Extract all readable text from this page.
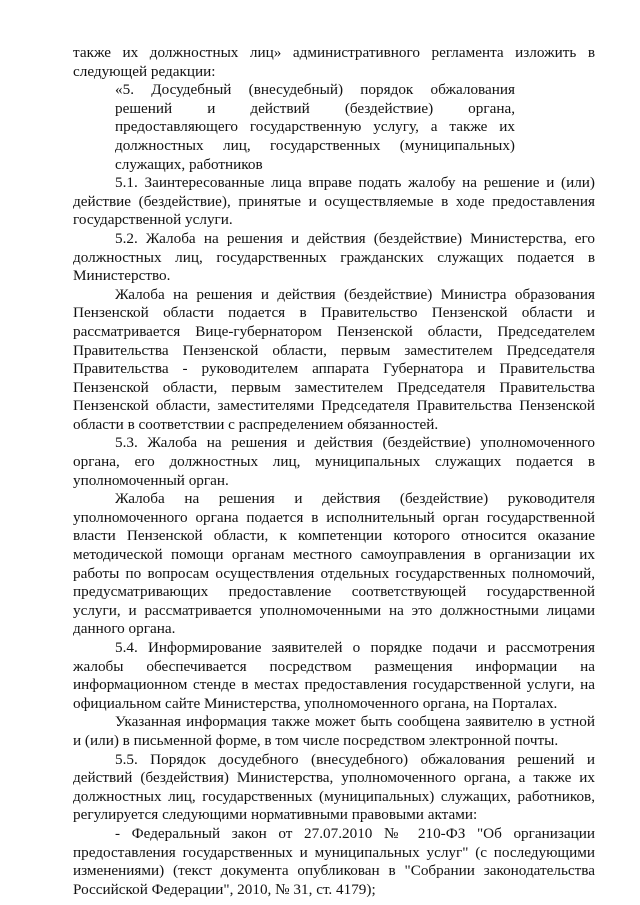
также их должностных лиц» административного регламента изложить в следующей редакции:

«5. Досудебный (внесудебный) порядок обжалования решений и действий (бездействие) органа, предоставляющего государственную услугу, а также их должностных лиц, государственных (муниципальных) служащих, работников

5.1. Заинтересованные лица вправе подать жалобу на решение и (или) действие (бездействие), принятые и осуществляемые в ходе предоставления государственной услуги.

5.2. Жалоба на решения и действия (бездействие) Министерства, его должностных лиц, государственных гражданских служащих подается в Министерство.

Жалоба на решения и действия (бездействие) Министра образования Пензенской области подается в Правительство Пензенской области и рассматривается Вице-губернатором Пензенской области, Председателем Правительства Пензенской области, первым заместителем Председателя Правительства - руководителем аппарата Губернатора и Правительства Пензенской области, первым заместителем Председателя Правительства Пензенской области, заместителями Председателя Правительства Пензенской области в соответствии с распределением обязанностей.

5.3. Жалоба на решения и действия (бездействие) уполномоченного органа, его должностных лиц, муниципальных служащих подается в уполномоченный орган.

Жалоба на решения и действия (бездействие) руководителя уполномоченного органа подается в исполнительный орган государственной власти Пензенской области, к компетенции которого относится оказание методической помощи органам местного самоуправления в организации их работы по вопросам осуществления отдельных государственных полномочий, предусматривающих предоставление соответствующей государственной услуги, и рассматривается уполномоченными на это должностными лицами данного органа.

5.4. Информирование заявителей о порядке подачи и рассмотрения жалобы обеспечивается посредством размещения информации на информационном стенде в местах предоставления государственной услуги, на официальном сайте Министерства, уполномоченного органа, на Порталах.

Указанная информация также может быть сообщена заявителю в устной и (или) в письменной форме, в том числе посредством электронной почты.

5.5. Порядок досудебного (внесудебного) обжалования решений и действий (бездействия) Министерства, уполномоченного органа, а также их должностных лиц, государственных (муниципальных) служащих, работников, регулируется следующими нормативными правовыми актами:

- Федеральный закон от 27.07.2010 № 210-ФЗ "Об организации предоставления государственных и муниципальных услуг" (с последующими изменениями) (текст документа опубликован в "Собрании законодательства Российской Федерации", 2010, № 31, ст. 4179);
